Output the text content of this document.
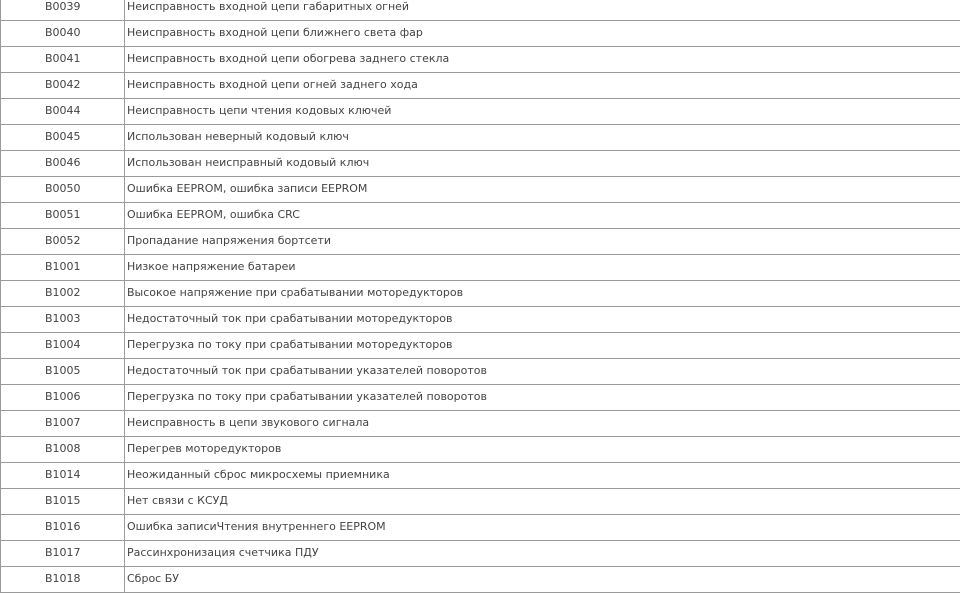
B0039	Неисправность входной цепи габаритных огней
B0040	Неисправность входной цепи ближнего света фар
B0041	Неисправность входной цепи обогрева заднего стекла
B0042	Неисправность входной цепи огней заднего хода
B0044	Неисправность цепи чтения кодовых ключей
B0045	Использован неверный кодовый ключ
B0046	Использован неисправный кодовый ключ
B0050	Ошибка EEPROM, ошибка записи EEPROM
B0051	Ошибка EEPROM, ошибка CRC
B0052	Пропадание напряжения бортсети
B1001	Низкое напряжение батареи
B1002	Высокое напряжение при срабатывании моторедукторов
B1003	Недостаточный ток при срабатывании моторедукторов
B1004	Перегрузка по току при срабатывании моторедукторов
B1005	Недостаточный ток при срабатывании указателей поворотов
B1006	Перегрузка по току при срабатывании указателей поворотов
B1007	Неисправность в цепи звукового сигнала
B1008	Перегрев моторедукторов
B1014	Неожиданный сброс микросхемы приемника
B1015	Нет связи с КСУД
B1016	Ошибка записиЧтения внутреннего EEPROM
B1017	Рассинхронизация счетчика ПДУ
B1018	Сброс БУ
